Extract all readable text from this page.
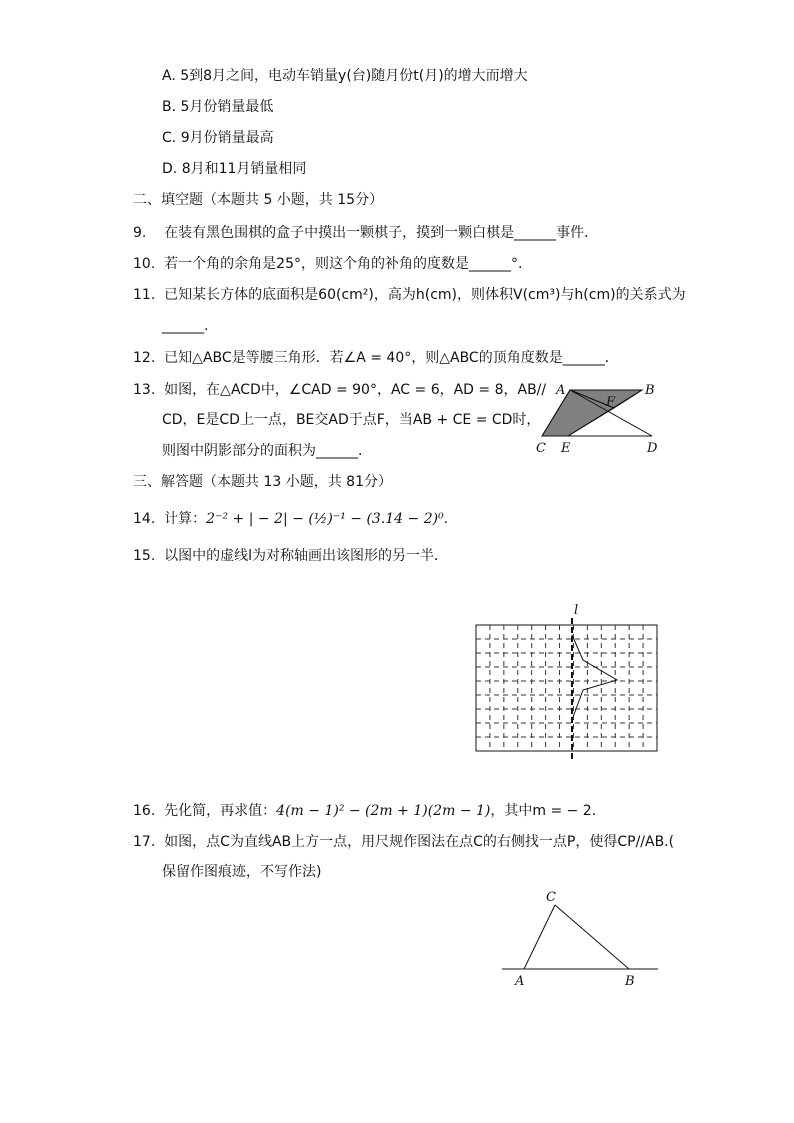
A. 5到8月之间，电动车销量y(台)随月份t(月)的增大而增大
B. 5月份销量最低
C. 9月份销量最高
D. 8月和11月销量相同
二、填空题（本题共 5 小题，共 15分）
9. 在装有黑色围棋的盒子中摸出一颗棋子，摸到一颗白棋是______事件．
10. 若一个角的余角是25°，则这个角的补角的度数是______°.
11. 已知某长方体的底面积是60(cm²)，高为h(cm)，则体积V(cm³)与h(cm)的关系式为
______.
12. 已知△ABC是等腰三角形．若∠A = 40°，则△ABC的顶角度数是______．
13. 如图，在△ACD中，∠CAD = 90°，AC = 6，AD = 8，AB//
CD，E是CD上一点，BE交AD于点F，当AB + CE = CD时，
则图中阴影部分的面积为______．
A	B
F
C E	D
三、解答题（本题共 13 小题，共 81分）
14. 计算：2⁻² + | − 2| − (½)⁻¹ − (3.14 − 2)⁰.
15. 以图中的虚线l为对称轴画出该图形的另一半．
l
16. 先化简，再求值：4(m − 1)² − (2m + 1)(2m − 1)，其中m = − 2．
17. 如图，点C为直线AB上方一点，用尺规作图法在点C的右侧找一点P，使得CP//AB.(
保留作图痕迹，不写作法)
C
A	B
